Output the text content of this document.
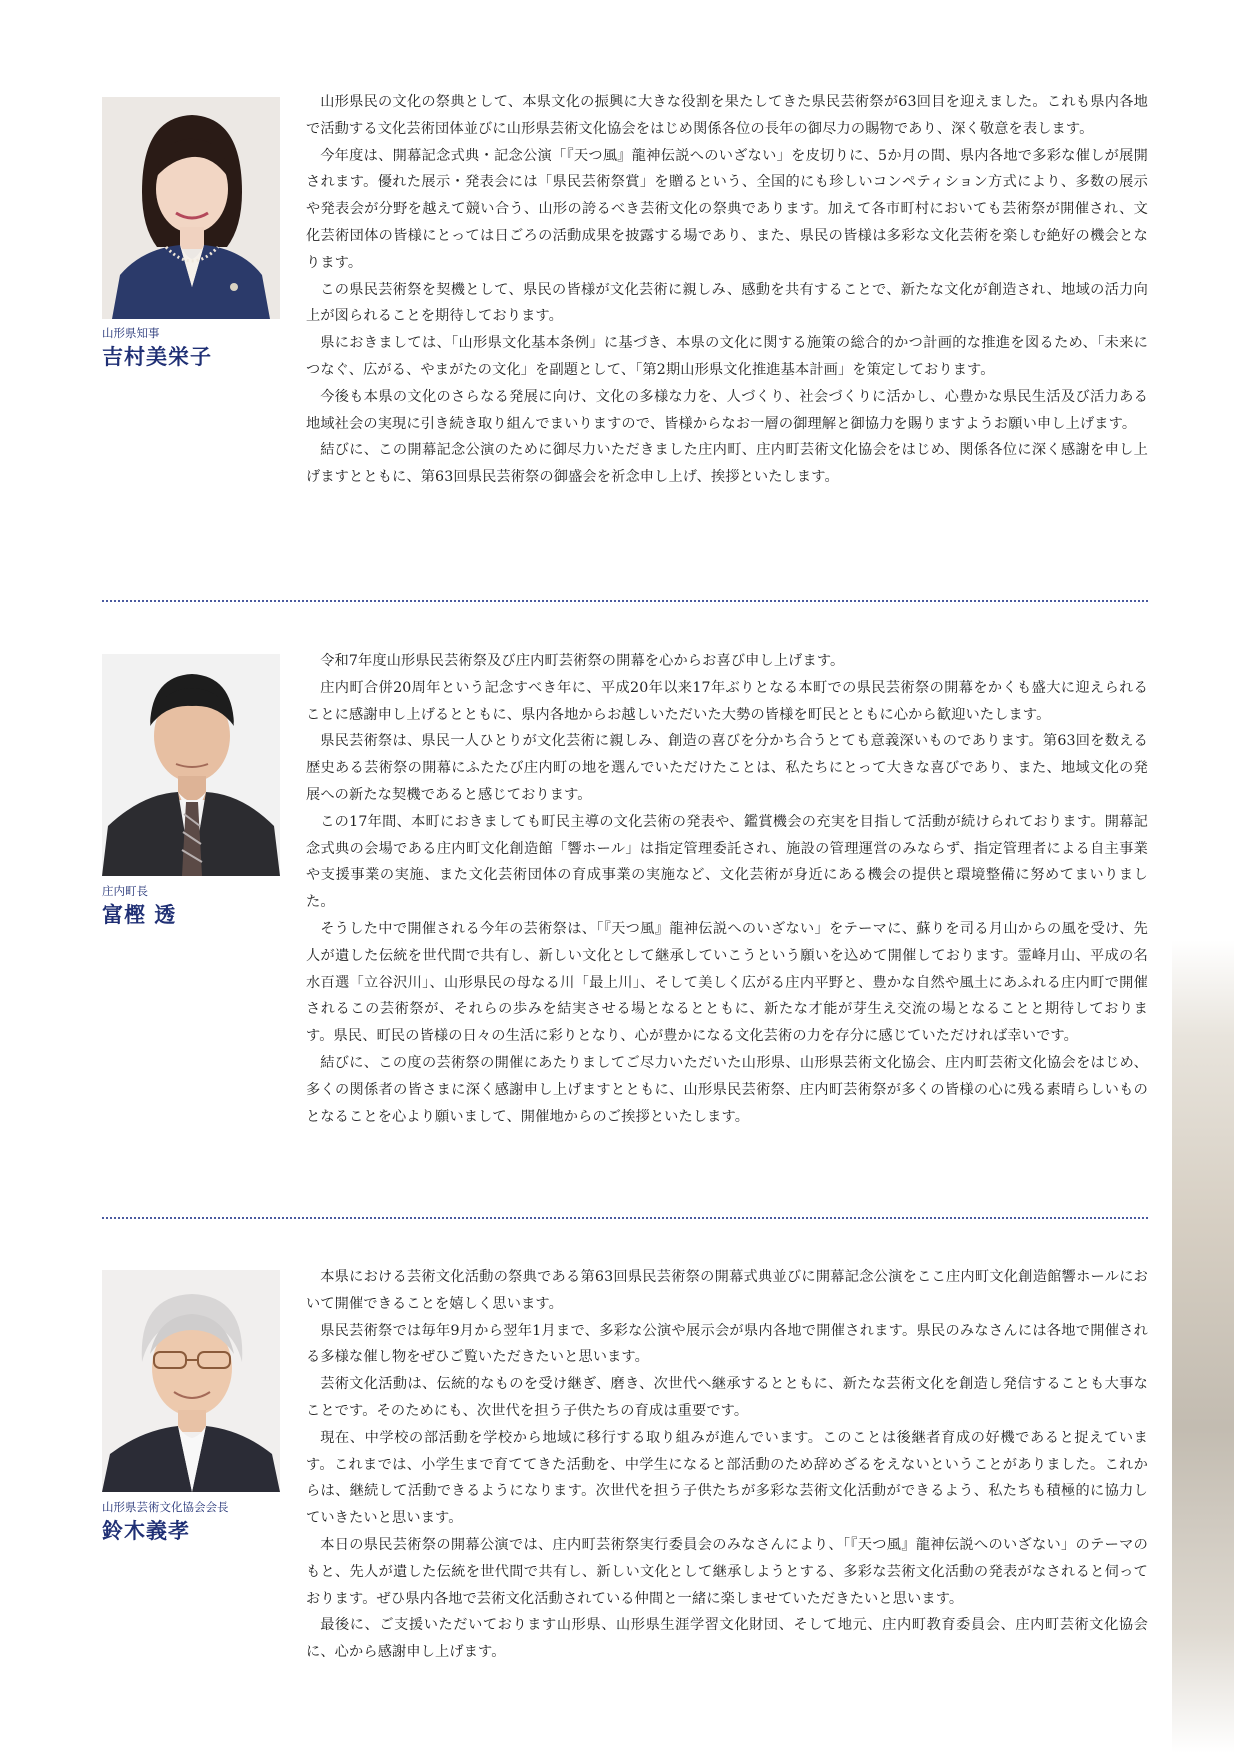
山形県知事
吉村美栄子

山形県民の文化の祭典として、本県文化の振興に大きな役割を果たしてきた県民芸術祭が63回目を迎えました。これも県内各地で活動する文化芸術団体並びに山形県芸術文化協会をはじめ関係各位の長年の御尽力の賜物であり、深く敬意を表します。

今年度は、開幕記念式典・記念公演「『天つ風』龍神伝説へのいざない」を皮切りに、5か月の間、県内各地で多彩な催しが展開されます。優れた展示・発表会には「県民芸術祭賞」を贈るという、全国的にも珍しいコンペティション方式により、多数の展示や発表会が分野を越えて競い合う、山形の誇るべき芸術文化の祭典であります。加えて各市町村においても芸術祭が開催され、文化芸術団体の皆様にとっては日ごろの活動成果を披露する場であり、また、県民の皆様は多彩な文化芸術を楽しむ絶好の機会となります。

この県民芸術祭を契機として、県民の皆様が文化芸術に親しみ、感動を共有することで、新たな文化が創造され、地域の活力向上が図られることを期待しております。

県におきましては、「山形県文化基本条例」に基づき、本県の文化に関する施策の総合的かつ計画的な推進を図るため、「未来につなぐ、広がる、やまがたの文化」を副題として、「第2期山形県文化推進基本計画」を策定しております。

今後も本県の文化のさらなる発展に向け、文化の多様な力を、人づくり、社会づくりに活かし、心豊かな県民生活及び活力ある地域社会の実現に引き続き取り組んでまいりますので、皆様からなお一層の御理解と御協力を賜りますようお願い申し上げます。

結びに、この開幕記念公演のために御尽力いただきました庄内町、庄内町芸術文化協会をはじめ、関係各位に深く感謝を申し上げますとともに、第63回県民芸術祭の御盛会を祈念申し上げ、挨拶といたします。

庄内町長
富樫 透

令和7年度山形県民芸術祭及び庄内町芸術祭の開幕を心からお喜び申し上げます。

庄内町合併20周年という記念すべき年に、平成20年以来17年ぶりとなる本町での県民芸術祭の開幕をかくも盛大に迎えられることに感謝申し上げるとともに、県内各地からお越しいただいた大勢の皆様を町民とともに心から歓迎いたします。

県民芸術祭は、県民一人ひとりが文化芸術に親しみ、創造の喜びを分かち合うとても意義深いものであります。第63回を数える歴史ある芸術祭の開幕にふたたび庄内町の地を選んでいただけたことは、私たちにとって大きな喜びであり、また、地域文化の発展への新たな契機であると感じております。

この17年間、本町におきましても町民主導の文化芸術の発表や、鑑賞機会の充実を目指して活動が続けられております。開幕記念式典の会場である庄内町文化創造館「響ホール」は指定管理委託され、施設の管理運営のみならず、指定管理者による自主事業や支援事業の実施、また文化芸術団体の育成事業の実施など、文化芸術が身近にある機会の提供と環境整備に努めてまいりました。

そうした中で開催される今年の芸術祭は、「『天つ風』龍神伝説へのいざない」をテーマに、蘇りを司る月山からの風を受け、先人が遺した伝統を世代間で共有し、新しい文化として継承していこうという願いを込めて開催しております。霊峰月山、平成の名水百選「立谷沢川」、山形県民の母なる川「最上川」、そして美しく広がる庄内平野と、豊かな自然や風土にあふれる庄内町で開催されるこの芸術祭が、それらの歩みを結実させる場となるとともに、新たな才能が芽生え交流の場となることと期待しております。県民、町民の皆様の日々の生活に彩りとなり、心が豊かになる文化芸術の力を存分に感じていただければ幸いです。

結びに、この度の芸術祭の開催にあたりましてご尽力いただいた山形県、山形県芸術文化協会、庄内町芸術文化協会をはじめ、多くの関係者の皆さまに深く感謝申し上げますとともに、山形県民芸術祭、庄内町芸術祭が多くの皆様の心に残る素晴らしいものとなることを心より願いまして、開催地からのご挨拶といたします。

山形県芸術文化協会会長
鈴木義孝

本県における芸術文化活動の祭典である第63回県民芸術祭の開幕式典並びに開幕記念公演をここ庄内町文化創造館響ホールにおいて開催できることを嬉しく思います。

県民芸術祭では毎年9月から翌年1月まで、多彩な公演や展示会が県内各地で開催されます。県民のみなさんには各地で開催される多様な催し物をぜひご覧いただきたいと思います。

芸術文化活動は、伝統的なものを受け継ぎ、磨き、次世代へ継承するとともに、新たな芸術文化を創造し発信することも大事なことです。そのためにも、次世代を担う子供たちの育成は重要です。

現在、中学校の部活動を学校から地域に移行する取り組みが進んでいます。このことは後継者育成の好機であると捉えています。これまでは、小学生まで育ててきた活動を、中学生になると部活動のため辞めざるをえないということがありました。これからは、継続して活動できるようになります。次世代を担う子供たちが多彩な芸術文化活動ができるよう、私たちも積極的に協力していきたいと思います。

本日の県民芸術祭の開幕公演では、庄内町芸術祭実行委員会のみなさんにより、「『天つ風』龍神伝説へのいざない」のテーマのもと、先人が遺した伝統を世代間で共有し、新しい文化として継承しようとする、多彩な芸術文化活動の発表がなされると伺っております。ぜひ県内各地で芸術文化活動されている仲間と一緒に楽しませていただきたいと思います。

最後に、ご支援いただいております山形県、山形県生涯学習文化財団、そして地元、庄内町教育委員会、庄内町芸術文化協会に、心から感謝申し上げます。
